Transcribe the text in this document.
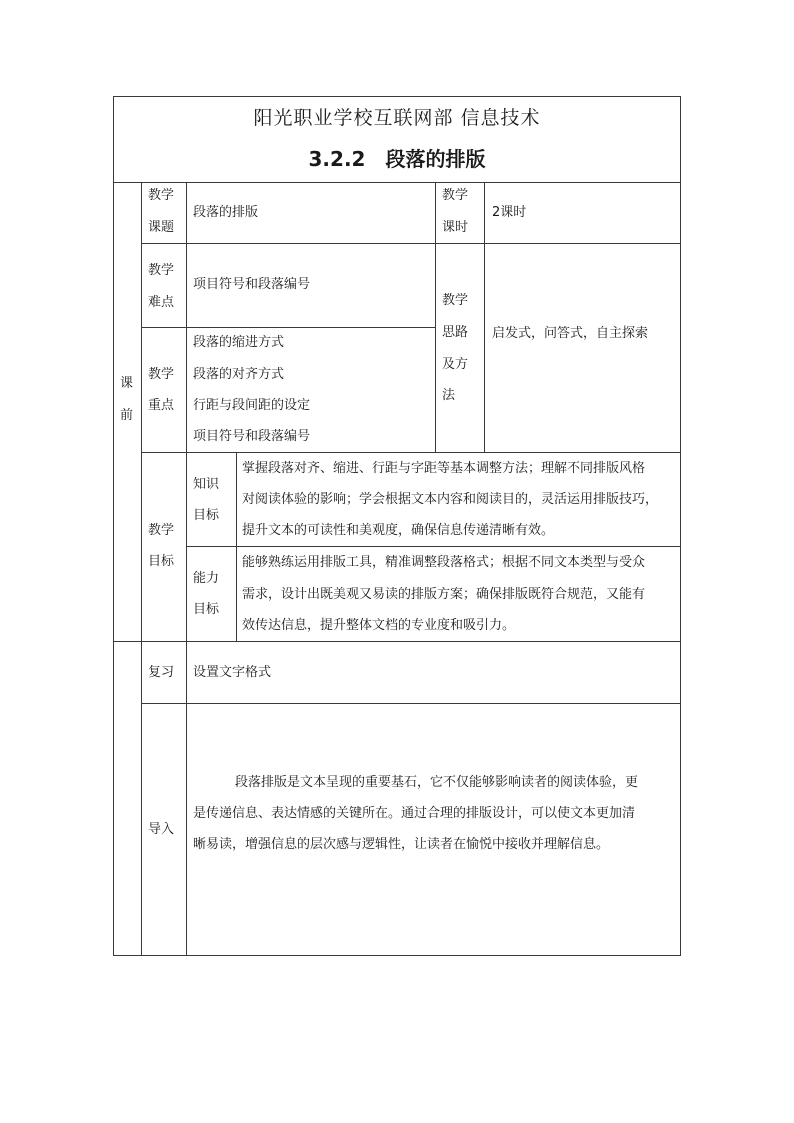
阳光职业学校互联网部 信息技术
3.2.2 段落的排版
课
前
教学
课题
段落的排版
教学
课时
2课时
教学
难点
项目符号和段落编号
教学
思路
及方
法
启发式，问答式，自主探索
教学
重点
段落的缩进方式
段落的对齐方式
行距与段间距的设定
项目符号和段落编号
教学
目标
知识
目标
掌握段落对齐、缩进、行距与字距等基本调整方法；理解不同排版风格
对阅读体验的影响；学会根据文本内容和阅读目的，灵活运用排版技巧，
提升文本的可读性和美观度，确保信息传递清晰有效。
能力
目标
能够熟练运用排版工具，精准调整段落格式；根据不同文本类型与受众
需求，设计出既美观又易读的排版方案；确保排版既符合规范，又能有
效传达信息，提升整体文档的专业度和吸引力。
复习 设置文字格式
导入
段落排版是文本呈现的重要基石，它不仅能够影响读者的阅读体验，更
是传递信息、表达情感的关键所在。通过合理的排版设计，可以使文本更加清
晰易读，增强信息的层次感与逻辑性，让读者在愉悦中接收并理解信息。
